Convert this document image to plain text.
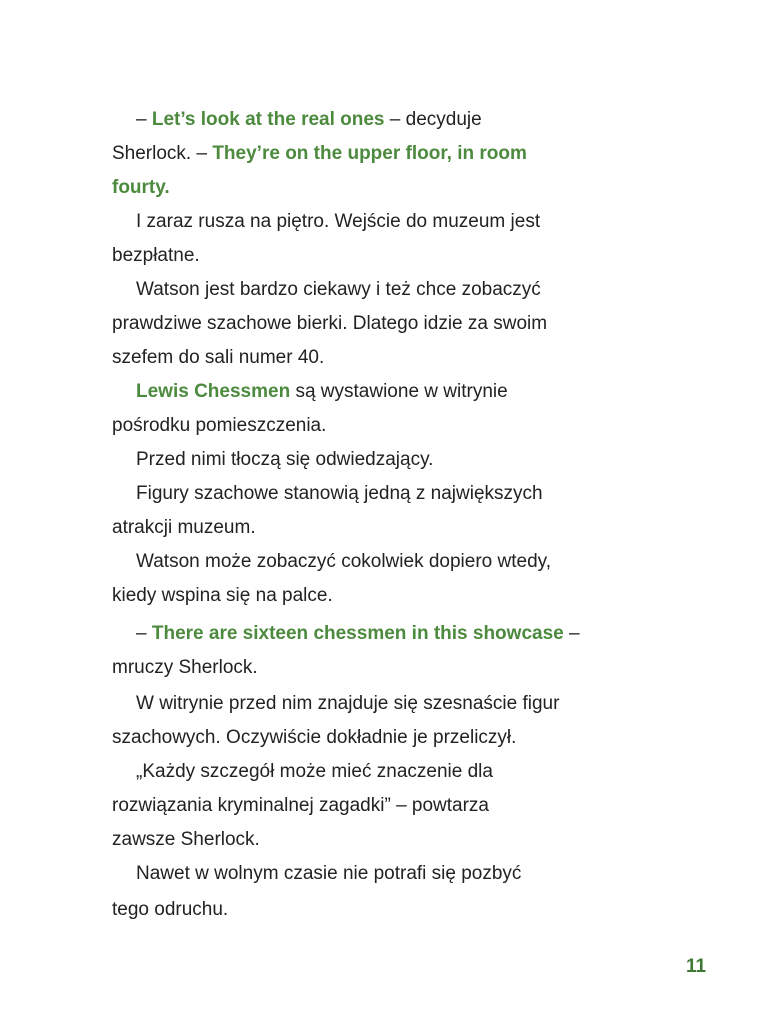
– Let’s look at the real ones – decyduje
Sherlock. – They’re on the upper floor, in room
fourty.
I zaraz rusza na piętro. Wejście do muzeum jest
bezpłatne.
Watson jest bardzo ciekawy i też chce zobaczyć
prawdziwe szachowe bierki. Dlatego idzie za swoim
szefem do sali numer 40.
Lewis Chessmen są wystawione w witrynie
pośrodku pomieszczenia.
Przed nimi tłoczą się odwiedzający.
Figury szachowe stanowią jedną z największych
atrakcji muzeum.
Watson może zobaczyć cokolwiek dopiero wtedy,
kiedy wspina się na palce.
– There are sixteen chessmen in this showcase –
mruczy Sherlock.
W witrynie przed nim znajduje się szesnaście figur
szachowych. Oczywiście dokładnie je przeliczył.
„Każdy szczegół może mieć znaczenie dla
rozwiązania kryminalnej zagadki” – powtarza
zawsze Sherlock.
Nawet w wolnym czasie nie potrafi się pozbyć
tego odruchu.
11
